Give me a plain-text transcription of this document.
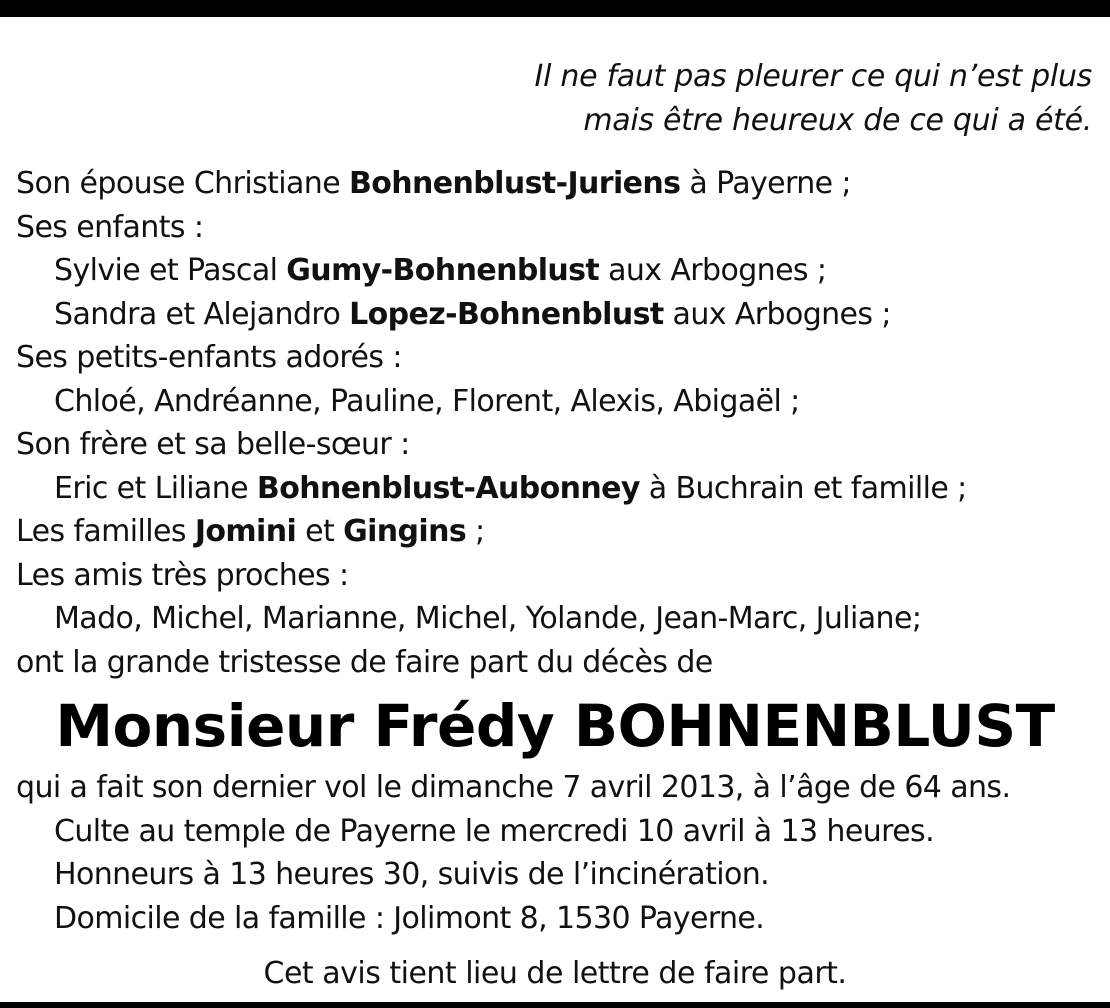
Il ne faut pas pleurer ce qui n’est plus
mais être heureux de ce qui a été.
Son épouse Christiane Bohnenblust-Juriens à Payerne ;
Ses enfants :
Sylvie et Pascal Gumy-Bohnenblust aux Arbognes ;
Sandra et Alejandro Lopez-Bohnenblust aux Arbognes ;
Ses petits-enfants adorés :
Chloé, Andréanne, Pauline, Florent, Alexis, Abigaël ;
Son frère et sa belle-sœur :
Eric et Liliane Bohnenblust-Aubonney à Buchrain et famille ;
Les familles Jomini et Gingins ;
Les amis très proches :
Mado, Michel, Marianne, Michel, Yolande, Jean-Marc, Juliane;
ont la grande tristesse de faire part du décès de
Monsieur Frédy BOHNENBLUST
qui a fait son dernier vol le dimanche 7 avril 2013, à l’âge de 64 ans.
Culte au temple de Payerne le mercredi 10 avril à 13 heures.
Honneurs à 13 heures 30, suivis de l’incinération.
Domicile de la famille : Jolimont 8, 1530 Payerne.
Cet avis tient lieu de lettre de faire part.
